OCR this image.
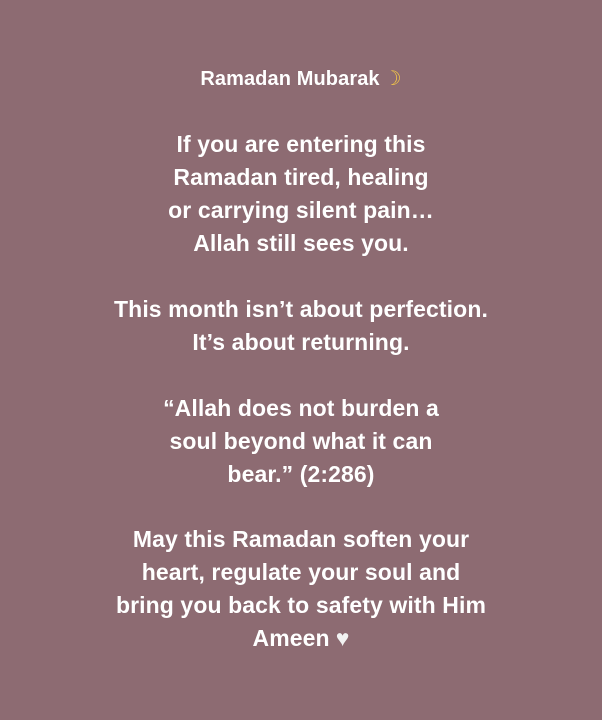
Ramadan Mubarak ☽
If you are entering this
Ramadan tired, healing
or carrying silent pain…
Allah still sees you.
This month isn’t about perfection.
It’s about returning.
“Allah does not burden a
soul beyond what it can
bear.” (2:286)
May this Ramadan soften your
heart, regulate your soul and
bring you back to safety with Him
Ameen ♥
